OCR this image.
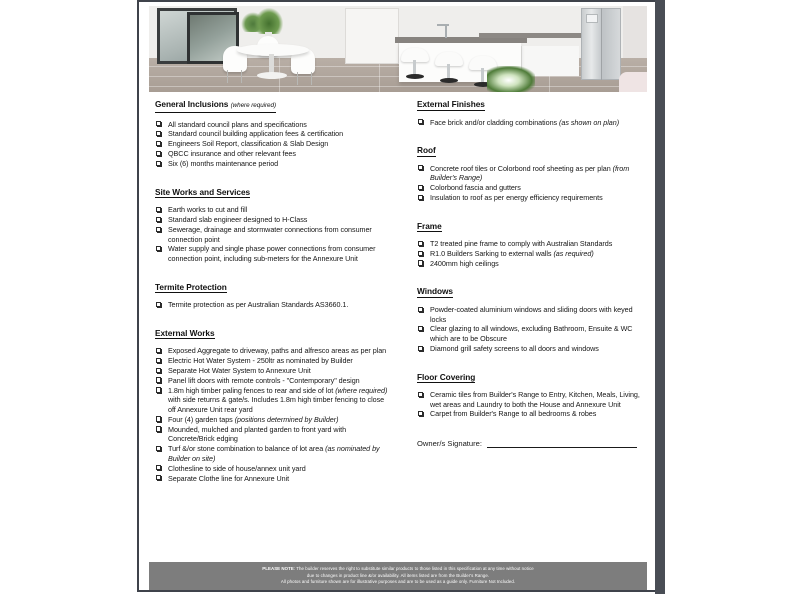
General Inclusions (where required)
All standard council plans and specifications
Standard council building application fees & certification
Engineers Soil Report, classification & Slab Design
QBCC insurance and other relevant fees
Six (6) months maintenance period
Site Works and Services
Earth works to cut and fill
Standard slab engineer designed to H-Class
Sewerage, drainage and stormwater connections from consumer connection point
Water supply and single phase power connections from consumer connection point, including sub-meters for the Annexure Unit
Termite Protection
Termite protection as per Australian Standards AS3660.1.
External Works
Exposed Aggregate to driveway, paths and alfresco areas as per plan
Electric Hot Water System - 250ltr as nominated by Builder
Separate Hot Water System to Annexure Unit
Panel lift doors with remote controls - "Contemporary" design
1.8m high timber paling fences to rear and side of lot (where required) with side returns & gate/s. Includes 1.8m high timber fencing to close off Annexure Unit rear yard
Four (4) garden taps (positions determined by Builder)
Mounded, mulched and planted garden to front yard with Concrete/Brick edging
Turf &/or stone combination to balance of lot area (as nominated by Builder on site)
Clothesline to side of house/annex unit yard
Separate Clothe line for Annexure Unit
External Finishes
Face brick and/or cladding combinations (as shown on plan)
Roof
Concrete roof tiles or Colorbond roof sheeting as per plan (from Builder's Range)
Colorbond fascia and gutters
Insulation to roof as per energy efficiency requirements
Frame
T2 treated pine frame to comply with Australian Standards
R1.0 Builders Sarking to external walls (as required)
2400mm high ceilings
Windows
Powder-coated aluminium windows and sliding doors with keyed locks
Clear glazing to all windows, excluding Bathroom, Ensuite & WC which are to be Obscure
Diamond grill safety screens to all doors and windows
Floor Covering
Ceramic tiles from Builder's Range to Entry, Kitchen, Meals, Living, wet areas and Laundry to both the House and Annexure Unit
Carpet from Builder's Range to all bedrooms & robes
Owner/s Signature:

PLEASE NOTE: The builder reserves the right to substitute similar products to those listed in this specification at any time without notice

due to changes in product line &/or availability. All items listed are from the Builder's Range.

All photos and furniture shown are for illustrative purposes and are to be used as a guide only. Furniture Not Included.
